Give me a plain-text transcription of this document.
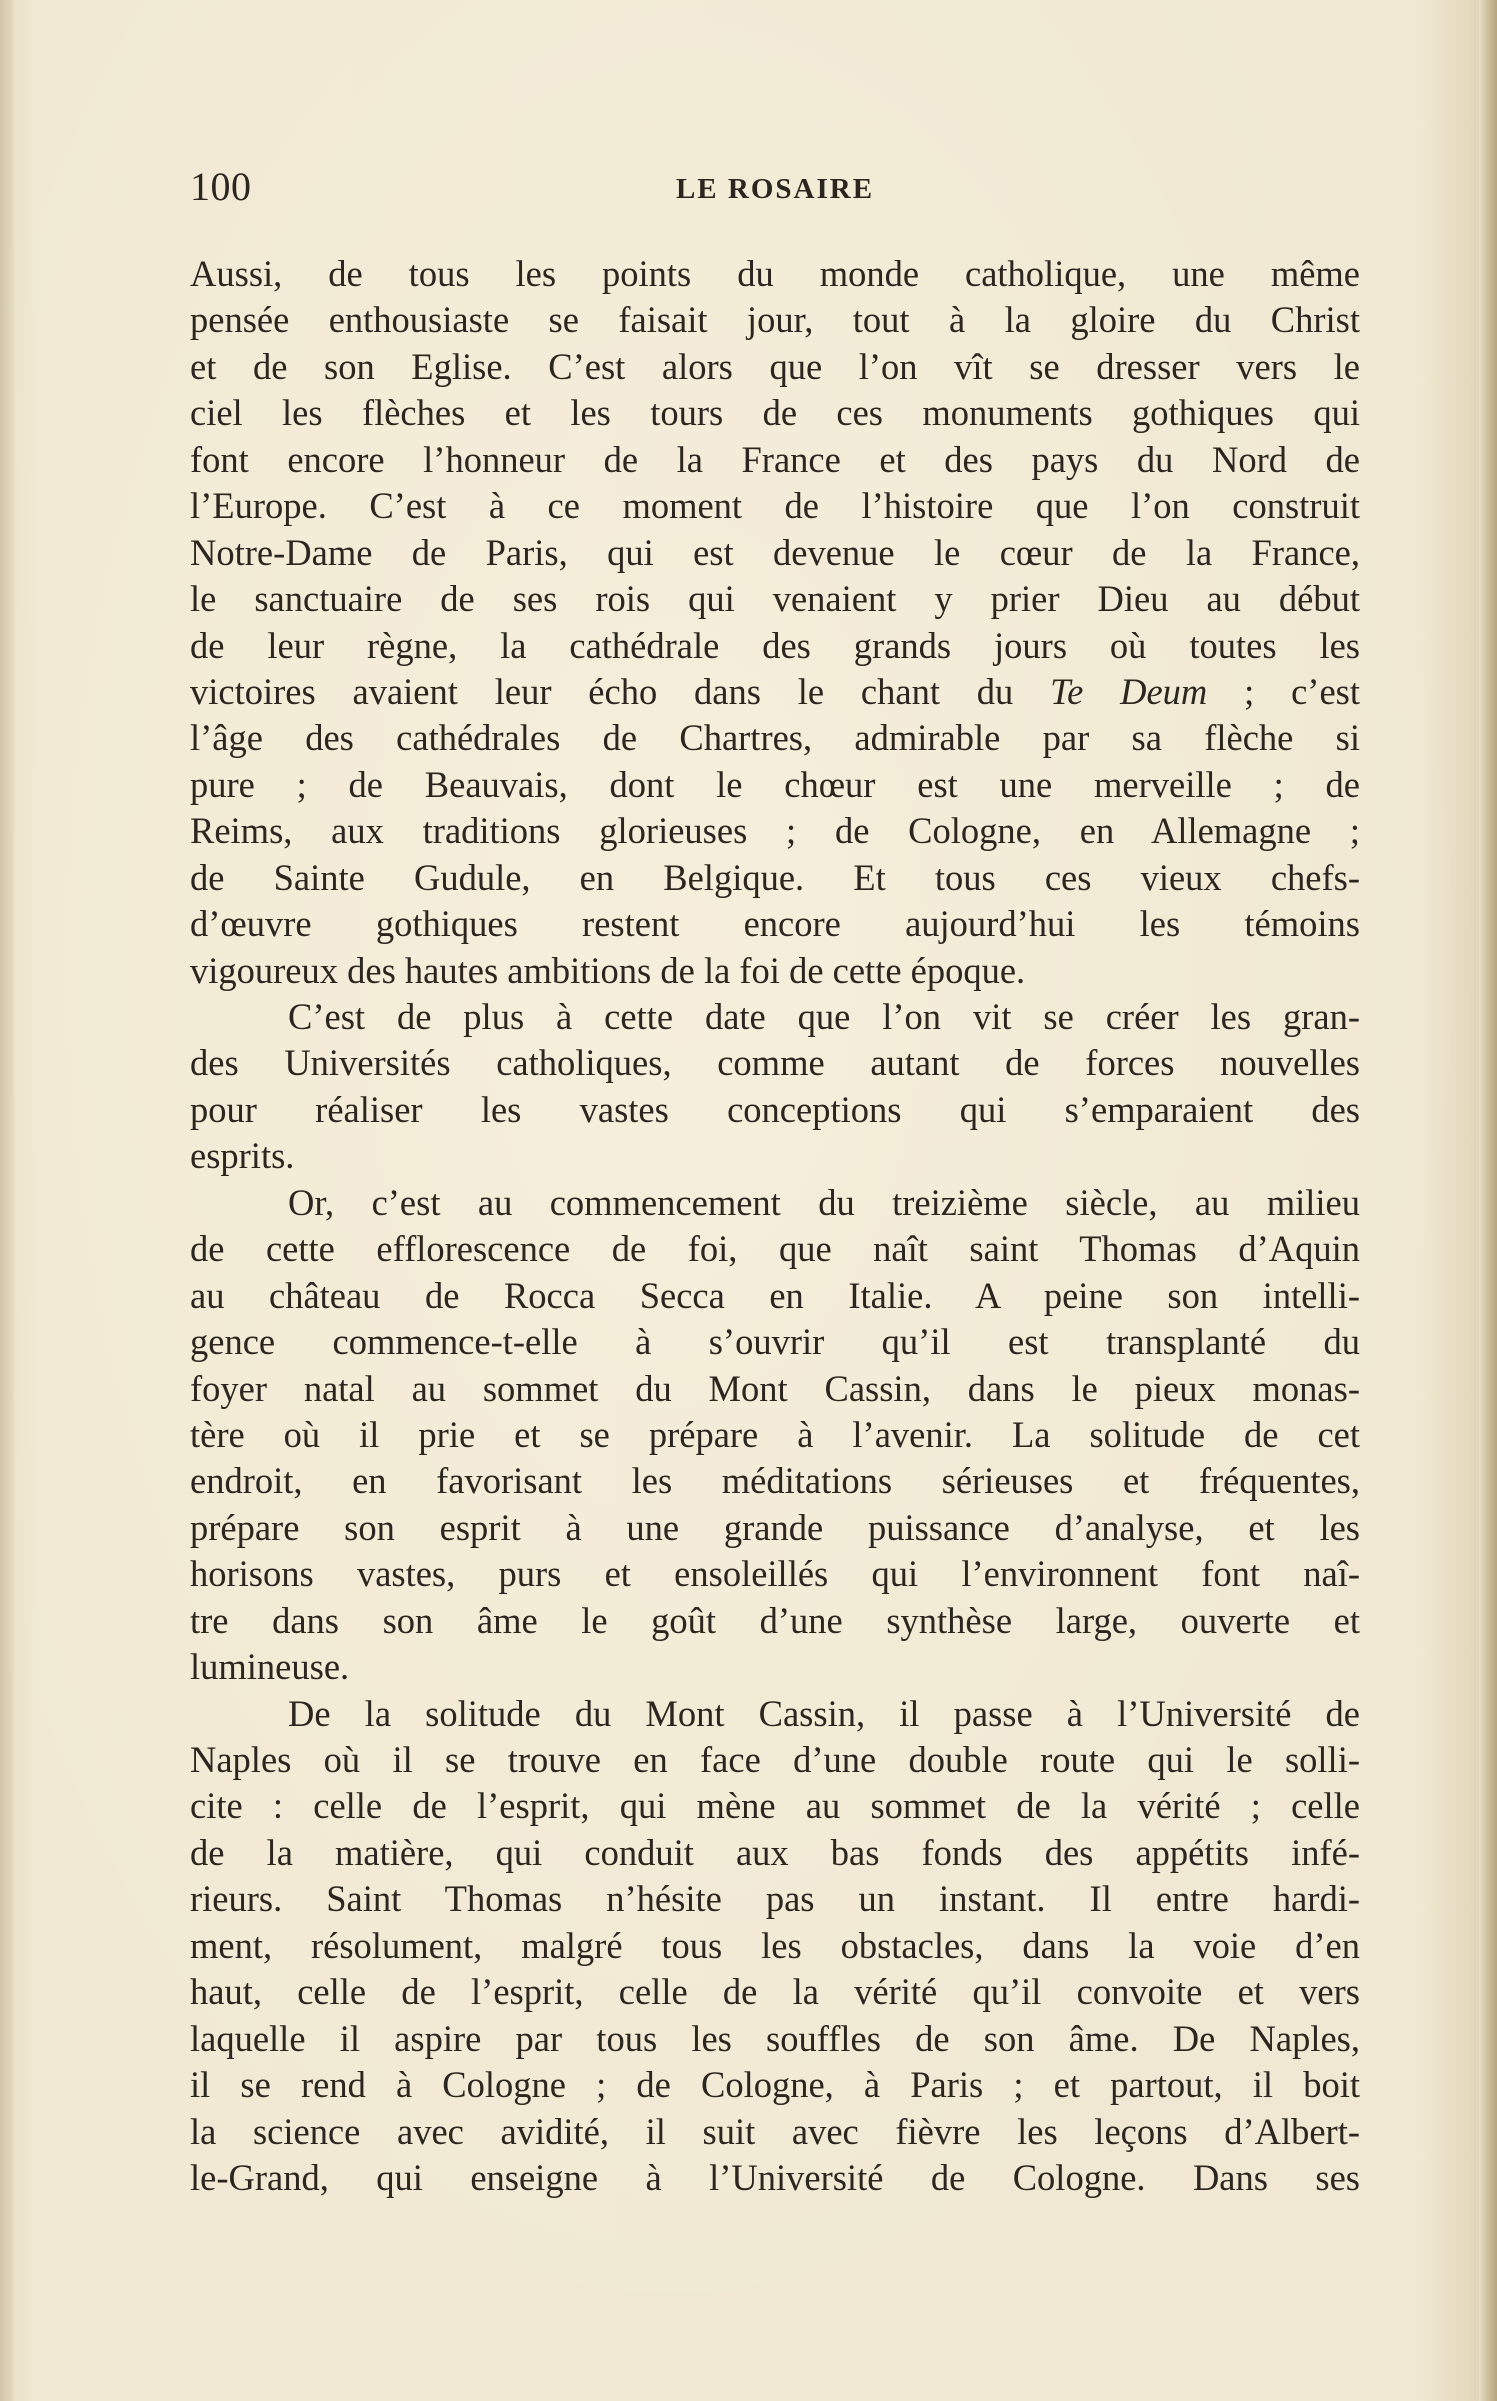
100	LE ROSAIRE
Aussi, de tous les points du monde catholique, une même
pensée enthousiaste se faisait jour, tout à la gloire du Christ
et de son Eglise. C’est alors que l’on vît se dresser vers le
ciel les flèches et les tours de ces monuments gothiques qui
font encore l’honneur de la France et des pays du Nord de
l’Europe. C’est à ce moment de l’histoire que l’on construit
Notre-Dame de Paris, qui est devenue le cœur de la France,
le sanctuaire de ses rois qui venaient y prier Dieu au début
de leur règne, la cathédrale des grands jours où toutes les
victoires avaient leur écho dans le chant du Te Deum ; c’est
l’âge des cathédrales de Chartres, admirable par sa flèche si
pure ; de Beauvais, dont le chœur est une merveille ; de
Reims, aux traditions glorieuses ; de Cologne, en Allemagne ;
de Sainte Gudule, en Belgique. Et tous ces vieux chefs-
d’œuvre gothiques restent encore aujourd’hui les témoins
vigoureux des hautes ambitions de la foi de cette époque.
C’est de plus à cette date que l’on vit se créer les gran-
des Universités catholiques, comme autant de forces nouvelles
pour réaliser les vastes conceptions qui s’emparaient des
esprits.
Or, c’est au commencement du treizième siècle, au milieu
de cette efflorescence de foi, que naît saint Thomas d’Aquin
au château de Rocca Secca en Italie. A peine son intelli-
gence commence-t-elle à s’ouvrir qu’il est transplanté du
foyer natal au sommet du Mont Cassin, dans le pieux monas-
tère où il prie et se prépare à l’avenir. La solitude de cet
endroit, en favorisant les méditations sérieuses et fréquentes,
prépare son esprit à une grande puissance d’analyse, et les
horisons vastes, purs et ensoleillés qui l’environnent font naî-
tre dans son âme le goût d’une synthèse large, ouverte et
lumineuse.
De la solitude du Mont Cassin, il passe à l’Université de
Naples où il se trouve en face d’une double route qui le solli-
cite : celle de l’esprit, qui mène au sommet de la vérité ; celle
de la matière, qui conduit aux bas fonds des appétits infé-
rieurs. Saint Thomas n’hésite pas un instant. Il entre hardi-
ment, résolument, malgré tous les obstacles, dans la voie d’en
haut, celle de l’esprit, celle de la vérité qu’il convoite et vers
laquelle il aspire par tous les souffles de son âme. De Naples,
il se rend à Cologne ; de Cologne, à Paris ; et partout, il boit
la science avec avidité, il suit avec fièvre les leçons d’Albert-
le-Grand, qui enseigne à l’Université de Cologne. Dans ses
